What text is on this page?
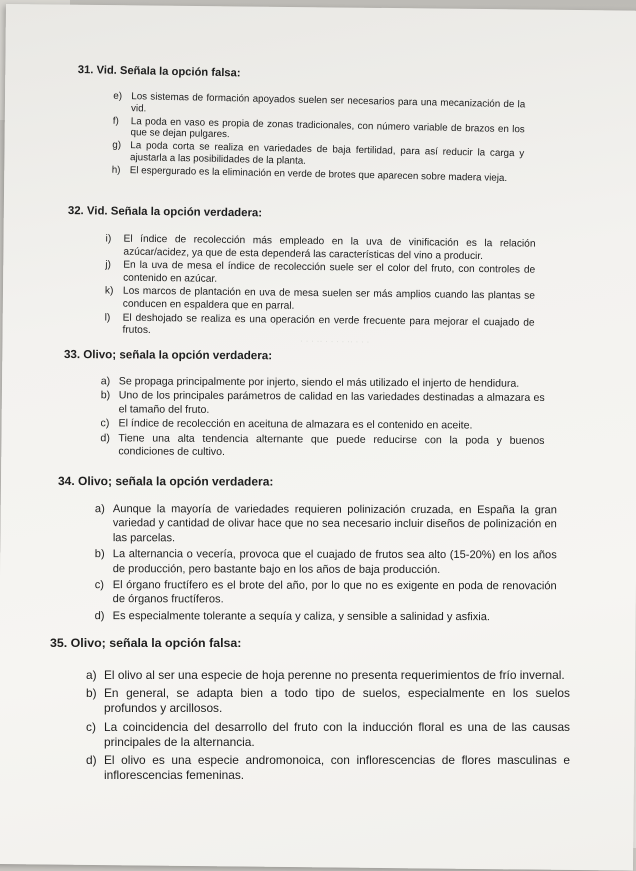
· · · ·· · · · · ·· · · ·

31. Vid. Señala la opción falsa:

e) Los sistemas de formación apoyados suelen ser necesarios para una mecanización de la vid.

f) La poda en vaso es propia de zonas tradicionales, con número variable de brazos en los que se dejan pulgares.

g) La poda corta se realiza en variedades de baja fertilidad, para así reducir la carga y ajustarla a las posibilidades de la planta.

h) El espergurado es la eliminación en verde de brotes que aparecen sobre madera vieja.

32. Vid. Señala la opción verdadera:

i) El índice de recolección más empleado en la uva de vinificación es la relación azúcar/acidez, ya que de esta dependerá las características del vino a producir.

j) En la uva de mesa el índice de recolección suele ser el color del fruto, con controles de contenido en azúcar.

k) Los marcos de plantación en uva de mesa suelen ser más amplios cuando las plantas se conducen en espaldera que en parral.

l) El deshojado se realiza es una operación en verde frecuente para mejorar el cuajado de frutos.

33. Olivo; señala la opción verdadera:

a) Se propaga principalmente por injerto, siendo el más utilizado el injerto de hendidura.

b) Uno de los principales parámetros de calidad en las variedades destinadas a almazara es el tamaño del fruto.

c) El índice de recolección en aceituna de almazara es el contenido en aceite.

d) Tiene una alta tendencia alternante que puede reducirse con la poda y buenos condiciones de cultivo.

34. Olivo; señala la opción verdadera:

a) Aunque la mayoría de variedades requieren polinización cruzada, en España la gran variedad y cantidad de olivar hace que no sea necesario incluir diseños de polinización en las parcelas.

b) La alternancia o vecería, provoca que el cuajado de frutos sea alto (15-20%) en los años de producción, pero bastante bajo en los años de baja producción.

c) El órgano fructífero es el brote del año, por lo que no es exigente en poda de renovación de órganos fructíferos.

d) Es especialmente tolerante a sequía y caliza, y sensible a salinidad y asfixia.

35. Olivo; señala la opción falsa:

a) El olivo al ser una especie de hoja perenne no presenta requerimientos de frío invernal.

b) En general, se adapta bien a todo tipo de suelos, especialmente en los suelos profundos y arcillosos.

c) La coincidencia del desarrollo del fruto con la inducción floral es una de las causas principales de la alternancia.

d) El olivo es una especie andromonoica, con inflorescencias de flores masculinas e inflorescencias femeninas.
